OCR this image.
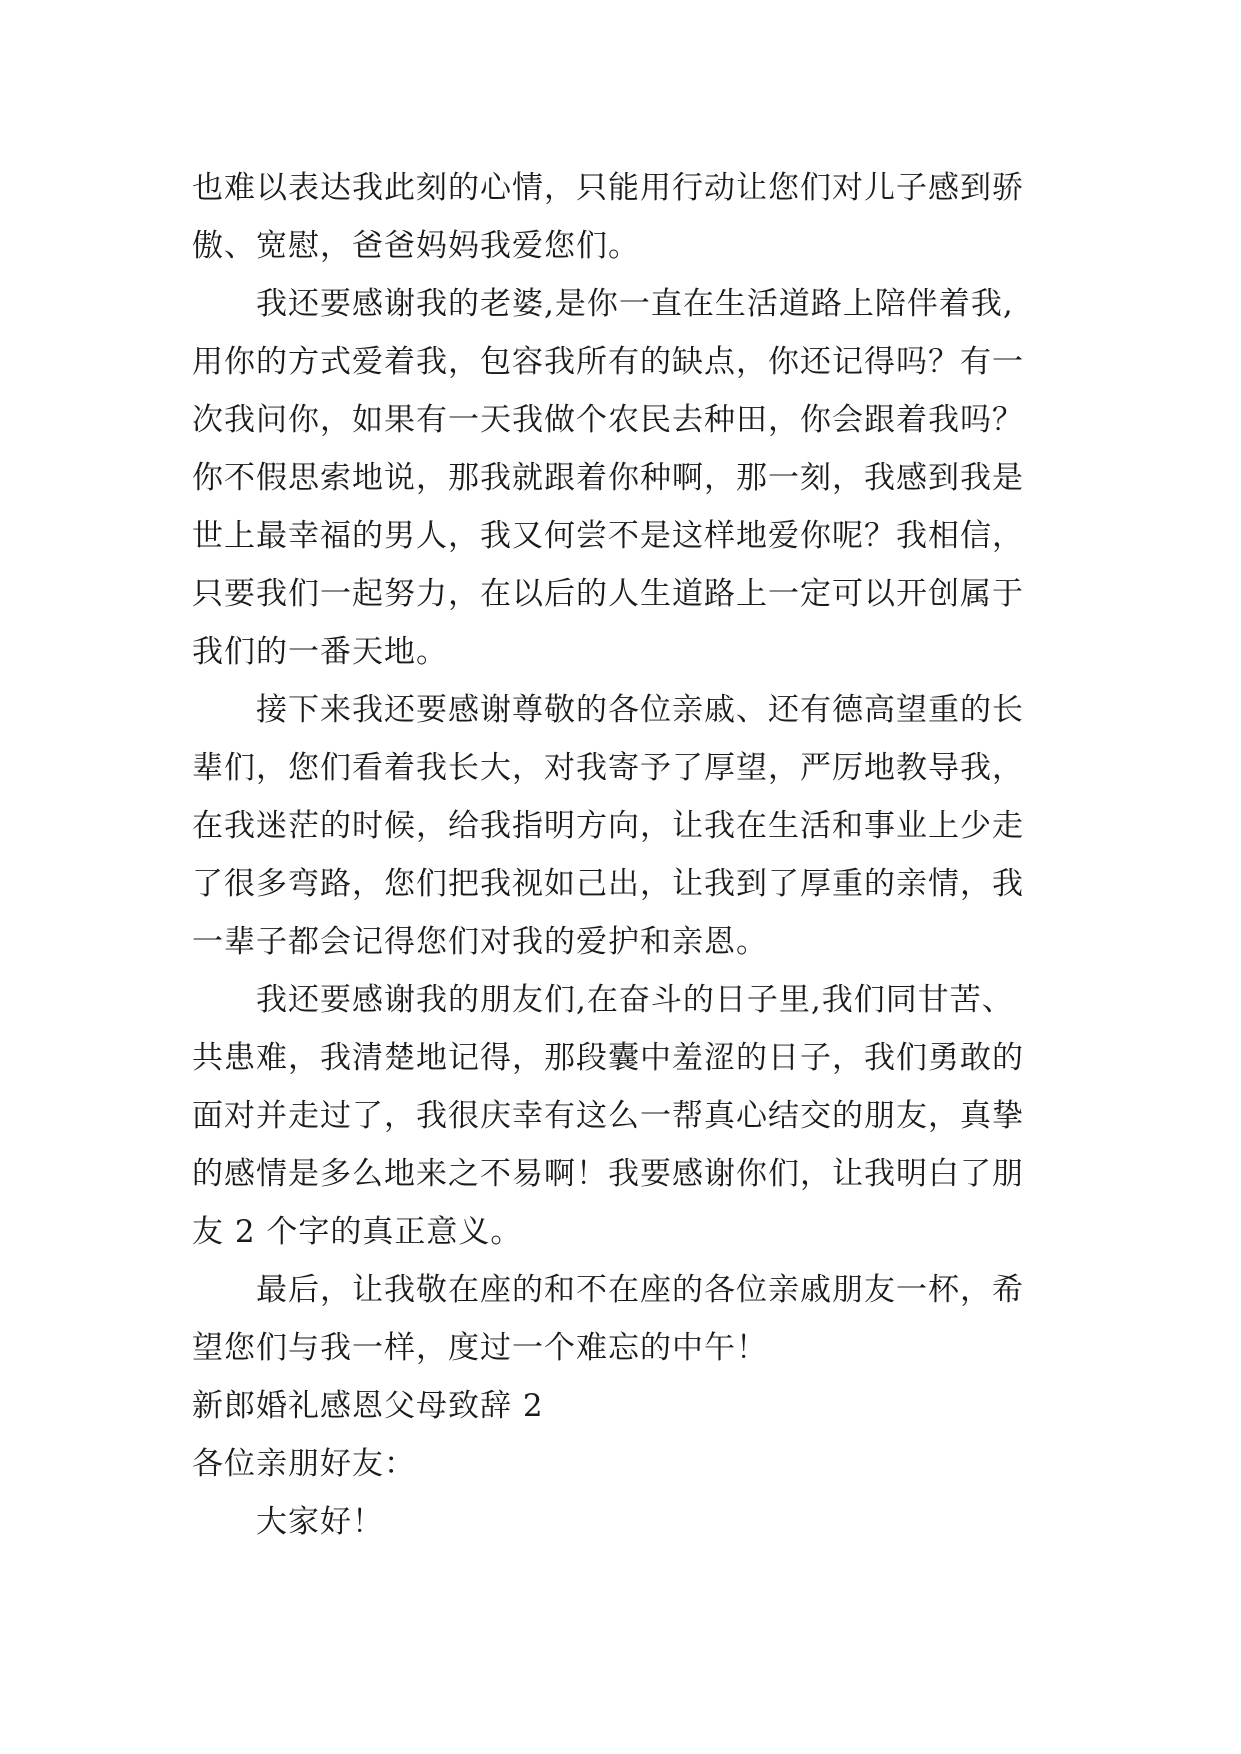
也难以表达我此刻的心情，只能用行动让您们对儿子感到骄
傲、宽慰，爸爸妈妈我爱您们。
我还要感谢我的老婆,是你一直在生活道路上陪伴着我,
用你的方式爱着我，包容我所有的缺点，你还记得吗？有一
次我问你，如果有一天我做个农民去种田，你会跟着我吗？
你不假思索地说，那我就跟着你种啊，那一刻，我感到我是
世上最幸福的男人，我又何尝不是这样地爱你呢？我相信，
只要我们一起努力，在以后的人生道路上一定可以开创属于
我们的一番天地。
接下来我还要感谢尊敬的各位亲戚、还有德高望重的长
辈们，您们看着我长大，对我寄予了厚望，严厉地教导我，
在我迷茫的时候，给我指明方向，让我在生活和事业上少走
了很多弯路，您们把我视如己出，让我到了厚重的亲情，我
一辈子都会记得您们对我的爱护和亲恩。
我还要感谢我的朋友们,在奋斗的日子里,我们同甘苦、
共患难，我清楚地记得，那段囊中羞涩的日子，我们勇敢的
面对并走过了，我很庆幸有这么一帮真心结交的朋友，真挚
的感情是多么地来之不易啊！我要感谢你们，让我明白了朋
友 2 个字的真正意义。
最后，让我敬在座的和不在座的各位亲戚朋友一杯，希
望您们与我一样，度过一个难忘的中午！
新郎婚礼感恩父母致辞 2
各位亲朋好友：
大家好！
